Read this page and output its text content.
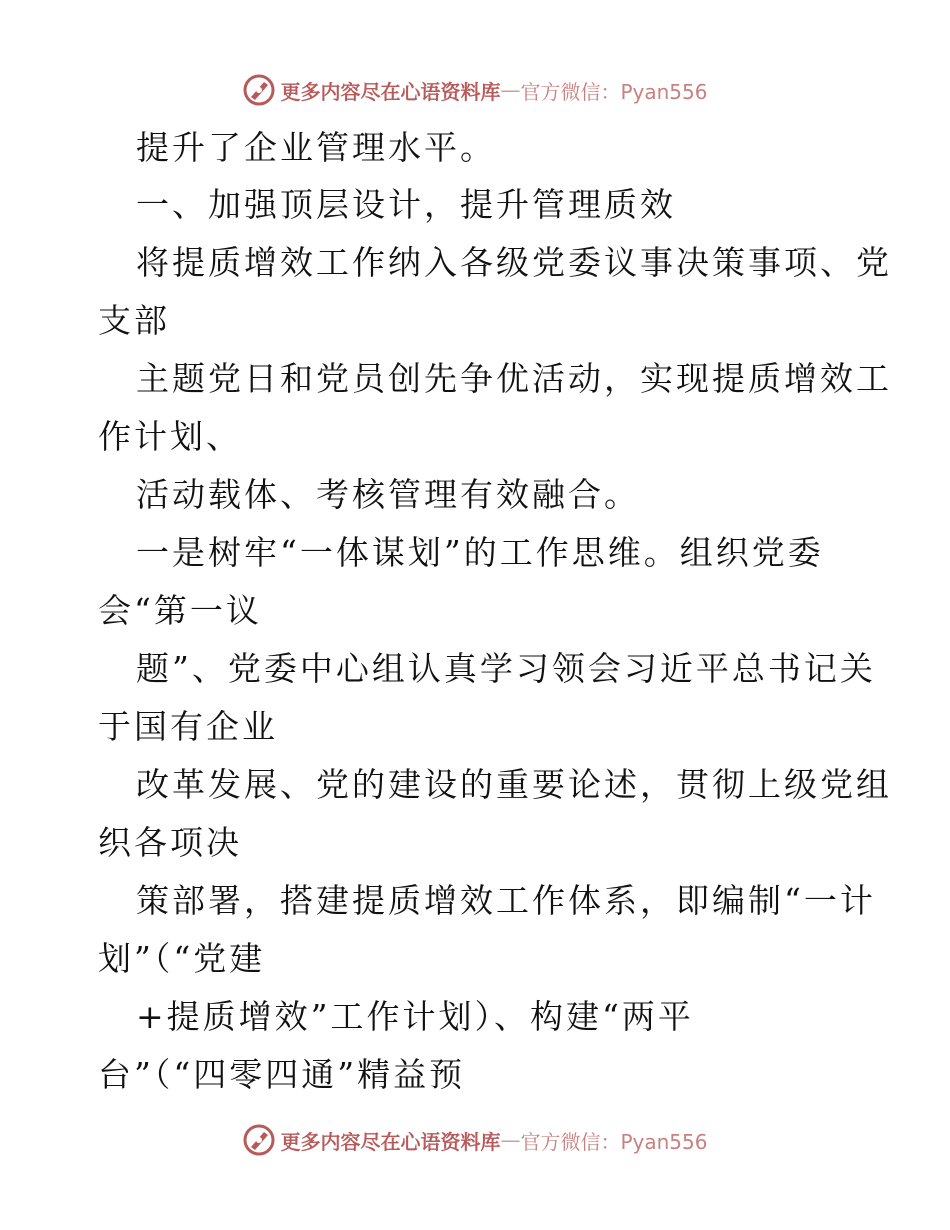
更多内容尽在心语资料库 — 官方微信：Pyan556
提升了企业管理水平。
一、加强顶层设计，提升管理质效
将提质增效工作纳入各级党委议事决策事项、党
支部
主题党日和党员创先争优活动，实现提质增效工
作计划、
活动载体、考核管理有效融合。
一是树牢“一体谋划”的工作思维。组织党委
会“第一议
题”、党委中心组认真学习领会习近平总书记关
于国有企业
改革发展、党的建设的重要论述，贯彻上级党组
织各项决
策部署，搭建提质增效工作体系，即编制“一计
划”（“党建
+提质增效”工作计划）、构建“两平
台”（“四零四通”精益预
更多内容尽在心语资料库 — 官方微信：Pyan556
